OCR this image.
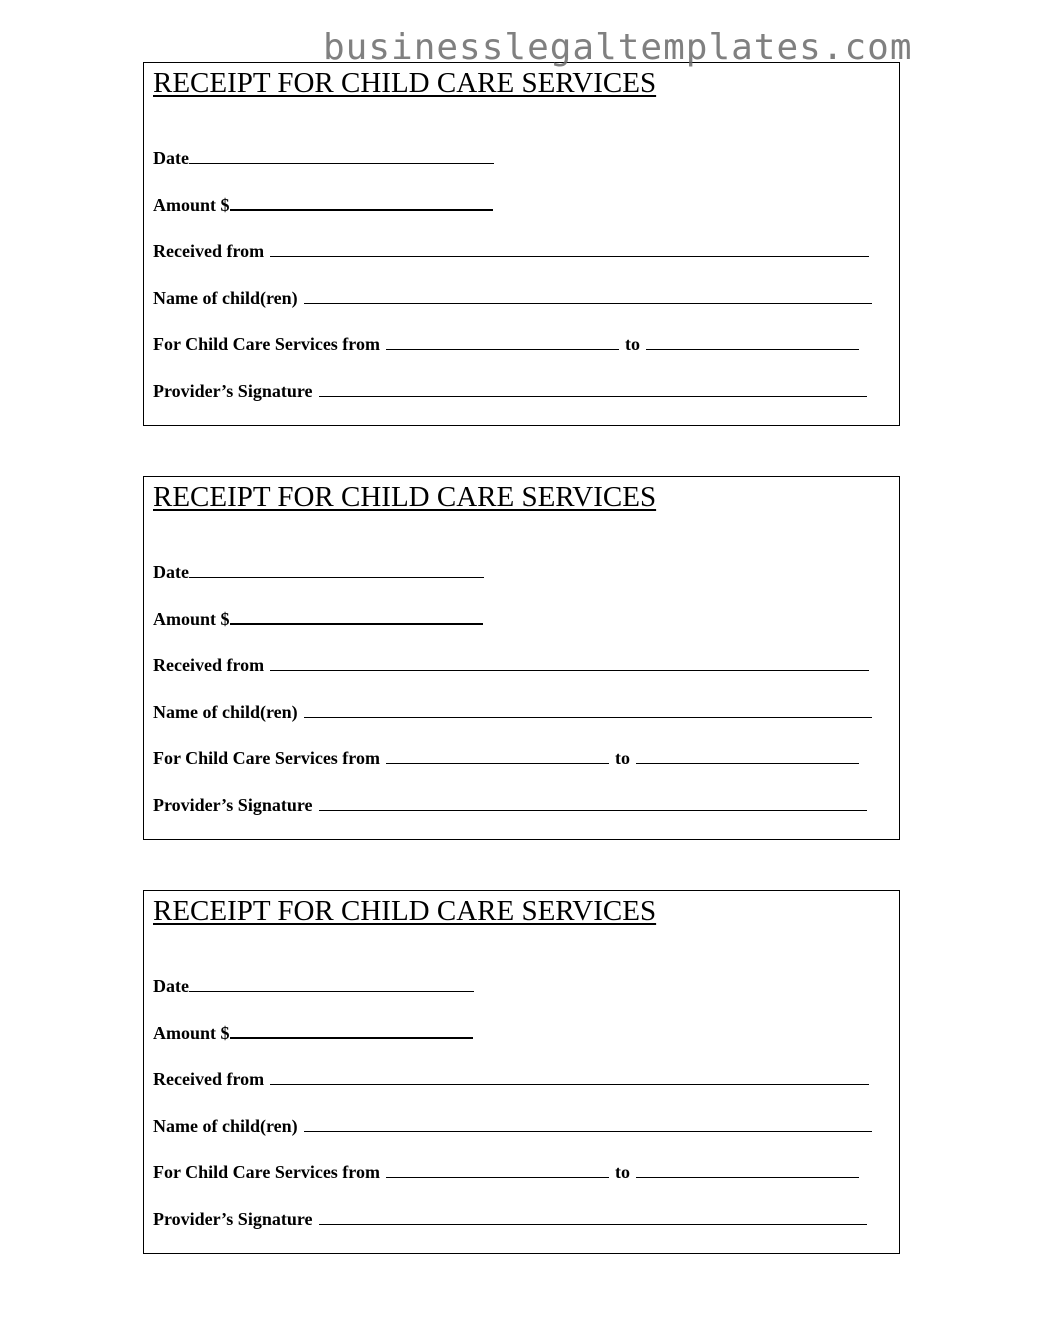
businesslegaltemplates.com
RECEIPT FOR CHILD CARE SERVICES
Date
Amount $
Received from
Name of child(ren)
For Child Care Services from	to
Provider’s Signature
RECEIPT FOR CHILD CARE SERVICES
Date
Amount $
Received from
Name of child(ren)
For Child Care Services from	to
Provider’s Signature
RECEIPT FOR CHILD CARE SERVICES
Date
Amount $
Received from
Name of child(ren)
For Child Care Services from	to
Provider’s Signature
